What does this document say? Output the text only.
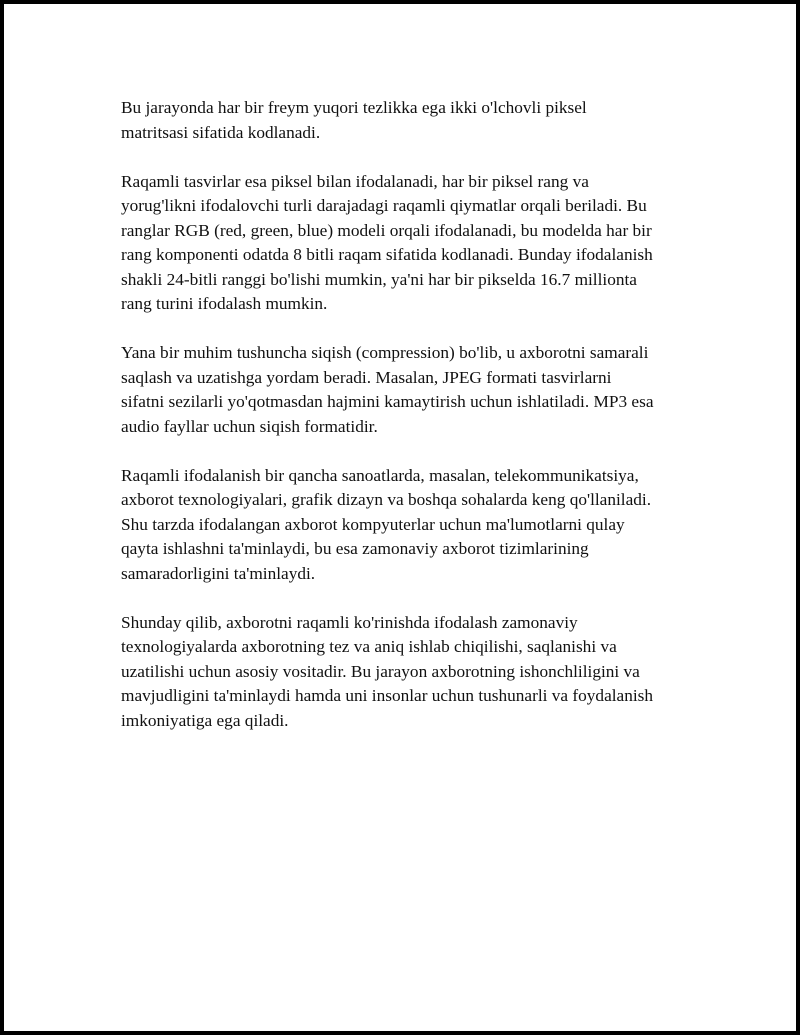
Bu jarayonda har bir freym yuqori tezlikka ega ikki o'lchovli piksel
matritsasi sifatida kodlanadi.

Raqamli tasvirlar esa piksel bilan ifodalanadi, har bir piksel rang va
yorug'likni ifodalovchi turli darajadagi raqamli qiymatlar orqali beriladi. Bu
ranglar RGB (red, green, blue) modeli orqali ifodalanadi, bu modelda har bir
rang komponenti odatda 8 bitli raqam sifatida kodlanadi. Bunday ifodalanish
shakli 24-bitli ranggi bo'lishi mumkin, ya'ni har bir pikselda 16.7 millionta
rang turini ifodalash mumkin.

Yana bir muhim tushuncha siqish (compression) bo'lib, u axborotni samarali
saqlash va uzatishga yordam beradi. Masalan, JPEG formati tasvirlarni
sifatni sezilarli yo'qotmasdan hajmini kamaytirish uchun ishlatiladi. MP3 esa
audio fayllar uchun siqish formatidir.

Raqamli ifodalanish bir qancha sanoatlarda, masalan, telekommunikatsiya,
axborot texnologiyalari, grafik dizayn va boshqa sohalarda keng qo'llaniladi.
Shu tarzda ifodalangan axborot kompyuterlar uchun ma'lumotlarni qulay
qayta ishlashni ta'minlaydi, bu esa zamonaviy axborot tizimlarining
samaradorligini ta'minlaydi.

Shunday qilib, axborotni raqamli ko'rinishda ifodalash zamonaviy
texnologiyalarda axborotning tez va aniq ishlab chiqilishi, saqlanishi va
uzatilishi uchun asosiy vositadir. Bu jarayon axborotning ishonchliligini va
mavjudligini ta'minlaydi hamda uni insonlar uchun tushunarli va foydalanish
imkoniyatiga ega qiladi.
